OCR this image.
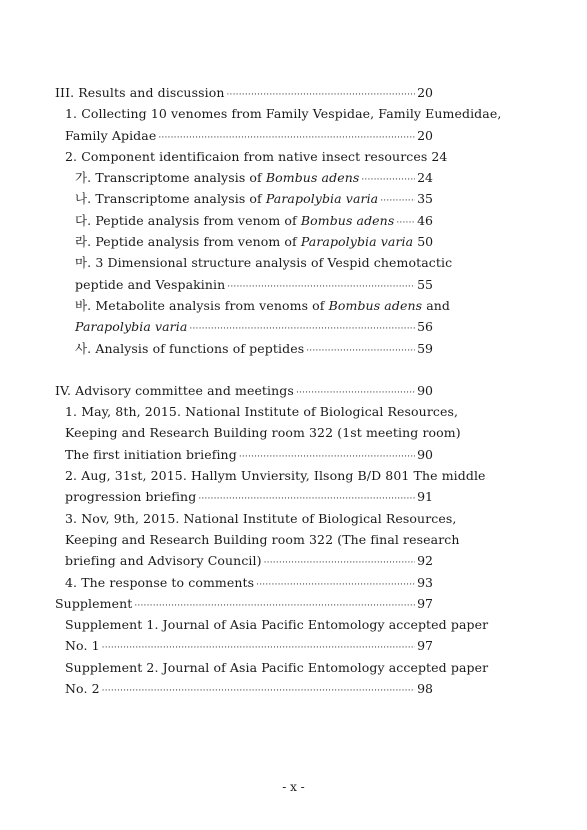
III. Results and discussion ·····	20
1. Collecting 10 venomes from Family Vespidae, Family Eumedidae,
Family Apidae ·····	20
2. Component identificaion from native insect resources 24
가. Transcriptome analysis of Bombus adens ·····	24
나. Transcriptome analysis of Parapolybia varia ·····	35
다. Peptide analysis from venom of Bombus adens ····· 46
라. Peptide analysis from venom of Parapolybia varia 50
마. 3 Dimensional structure analysis of Vespid chemotactic
peptide and Vespakinin ·····	55
바. Metabolite analysis from venoms of Bombus adens and
Parapolybia varia ·····	56
사. Analysis of functions of peptides ·····	59
IV. Advisory committee and meetings ·····	90
1. May, 8th, 2015. National Institute of Biological Resources,
Keeping and Research Building room 322 (1st meeting room)
The first initiation briefing ·····	90
2. Aug, 31st, 2015. Hallym Unviersity, Ilsong B/D 801 The middle
progression briefing ·····	91
3. Nov, 9th, 2015. National Institute of Biological Resources,
Keeping and Research Building room 322 (The final research
briefing and Advisory Council) ·····	92
4. The response to comments ·····	93
Supplement ·····	97
Supplement 1. Journal of Asia Pacific Entomology accepted paper
No. 1 ·····	97
Supplement 2. Journal of Asia Pacific Entomology accepted paper
No. 2 ·····	98
- x -
